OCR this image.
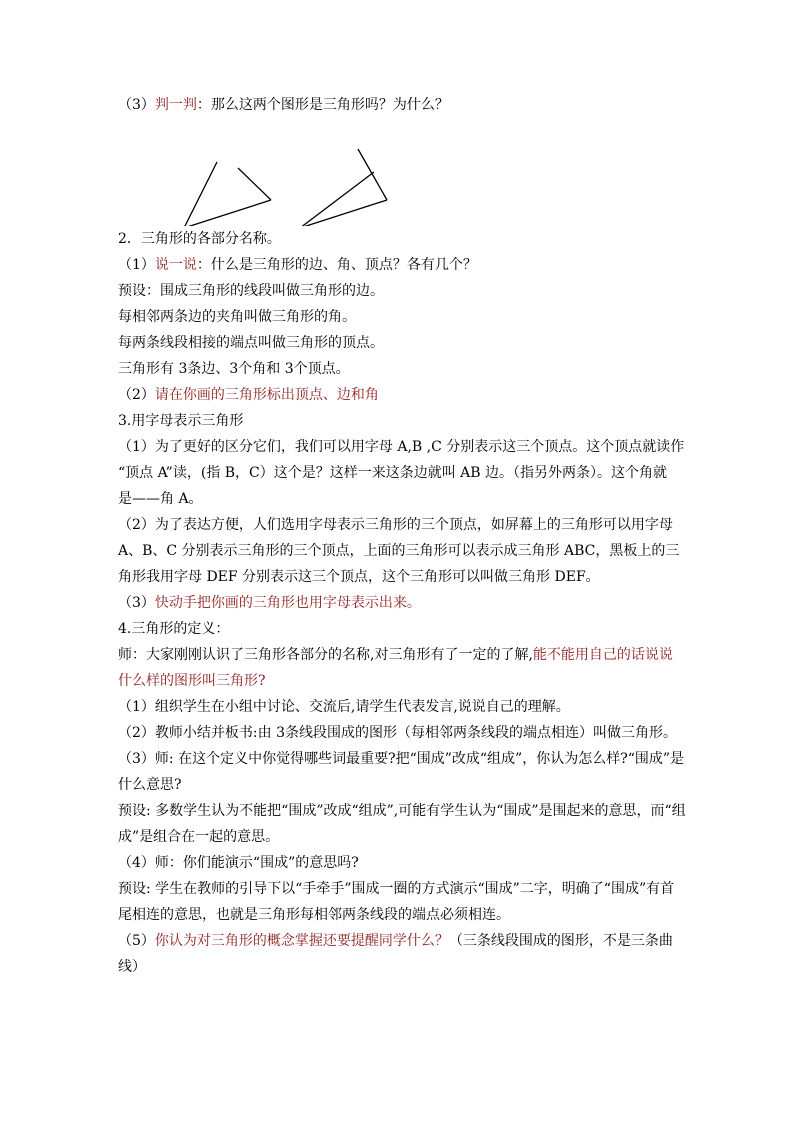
（3）判一判：那么这两个图形是三角形吗？为什么？
2．三角形的各部分名称。
（1）说一说：什么是三角形的边、角、顶点？各有几个？
预设：围成三角形的线段叫做三角形的边。
每相邻两条边的夹角叫做三角形的角。
每两条线段相接的端点叫做三角形的顶点。
三角形有 3条边、3个角和 3个顶点。
（2）请在你画的三角形标出顶点、边和角
3.用字母表示三角形
（1）为了更好的区分它们，我们可以用字母 A,B ,C 分别表示这三个顶点。这个顶点就读作
“顶点 A”读，(指 B，C）这个是？这样一来这条边就叫 AB 边。（指另外两条）。这个角就
是——角 A。
（2）为了表达方便，人们选用字母表示三角形的三个顶点，如屏幕上的三角形可以用字母
A、B、C 分别表示三角形的三个顶点，上面的三角形可以表示成三角形 ABC，黑板上的三
角形我用字母 DEF 分别表示这三个顶点，这个三角形可以叫做三角形 DEF。
（3）快动手把你画的三角形也用字母表示出来。
4.三角形的定义：
师：大家刚刚认识了三角形各部分的名称,对三角形有了一定的了解,能不能用自己的话说说
什么样的图形叫三角形?
（1）组织学生在小组中讨论、交流后,请学生代表发言,说说自己的理解。
（2）教师小结并板书:由 3条线段围成的图形（每相邻两条线段的端点相连）叫做三角形。
（3）师: 在这个定义中你觉得哪些词最重要?把“围成”改成“组成”，你认为怎么样?“围成”是
什么意思?
预设: 多数学生认为不能把“围成”改成“组成”,可能有学生认为“围成”是围起来的意思，而“组
成”是组合在一起的意思。
（4）师：你们能演示“围成”的意思吗?
预设: 学生在教师的引导下以“手牵手”围成一圈的方式演示“围成”二字，明确了“围成”有首
尾相连的意思，也就是三角形每相邻两条线段的端点必须相连。
（5）你认为对三角形的概念掌握还要提醒同学什么？（三条线段围成的图形，不是三条曲
线）
